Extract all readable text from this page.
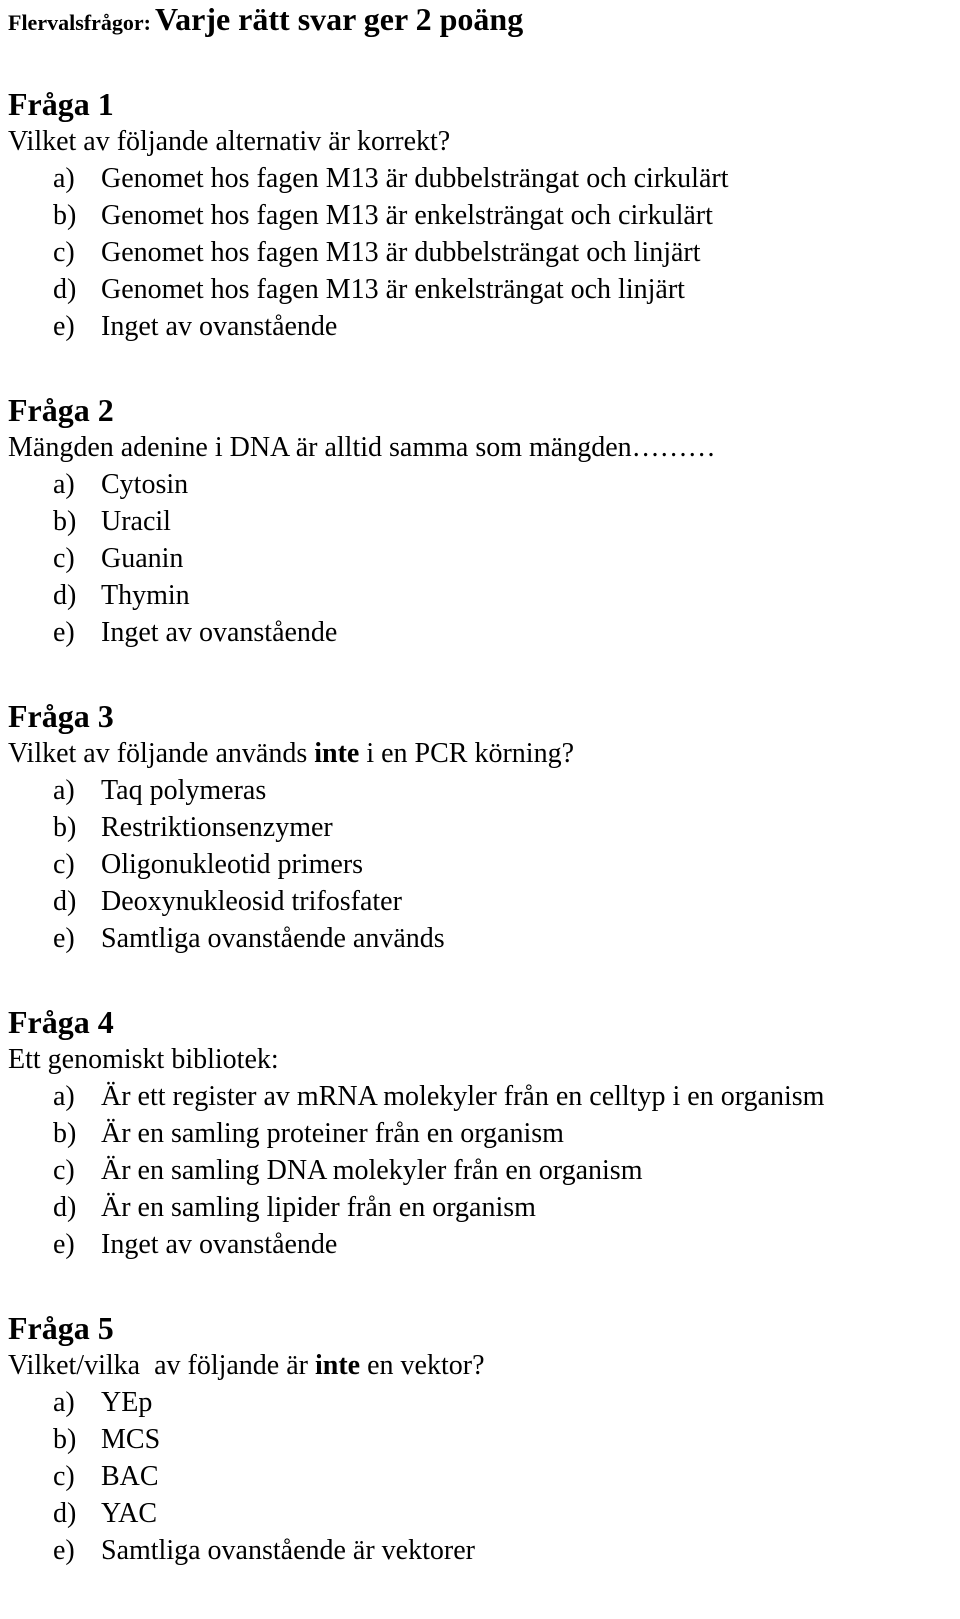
Flervalsfrågor: Varje rätt svar ger 2 poäng
Fråga 1
Vilket av följande alternativ är korrekt?
a) Genomet hos fagen M13 är dubbelsträngat och cirkulärt
b) Genomet hos fagen M13 är enkelsträngat och cirkulärt
c) Genomet hos fagen M13 är dubbelsträngat och linjärt
d) Genomet hos fagen M13 är enkelsträngat och linjärt
e) Inget av ovanstående
Fråga 2
Mängden adenine i DNA är alltid samma som mängden………
a) Cytosin
b) Uracil
c) Guanin
d) Thymin
e) Inget av ovanstående
Fråga 3
Vilket av följande används inte i en PCR körning?
a) Taq polymeras
b) Restriktionsenzymer
c) Oligonukleotid primers
d) Deoxynukleosid trifosfater
e) Samtliga ovanstående används
Fråga 4
Ett genomiskt bibliotek:
a) Är ett register av mRNA molekyler från en celltyp i en organism
b) Är en samling proteiner från en organism
c) Är en samling DNA molekyler från en organism
d) Är en samling lipider från en organism
e) Inget av ovanstående
Fråga 5
Vilket/vilka  av följande är inte en vektor?
a) YEp
b) MCS
c) BAC
d) YAC
e) Samtliga ovanstående är vektorer
